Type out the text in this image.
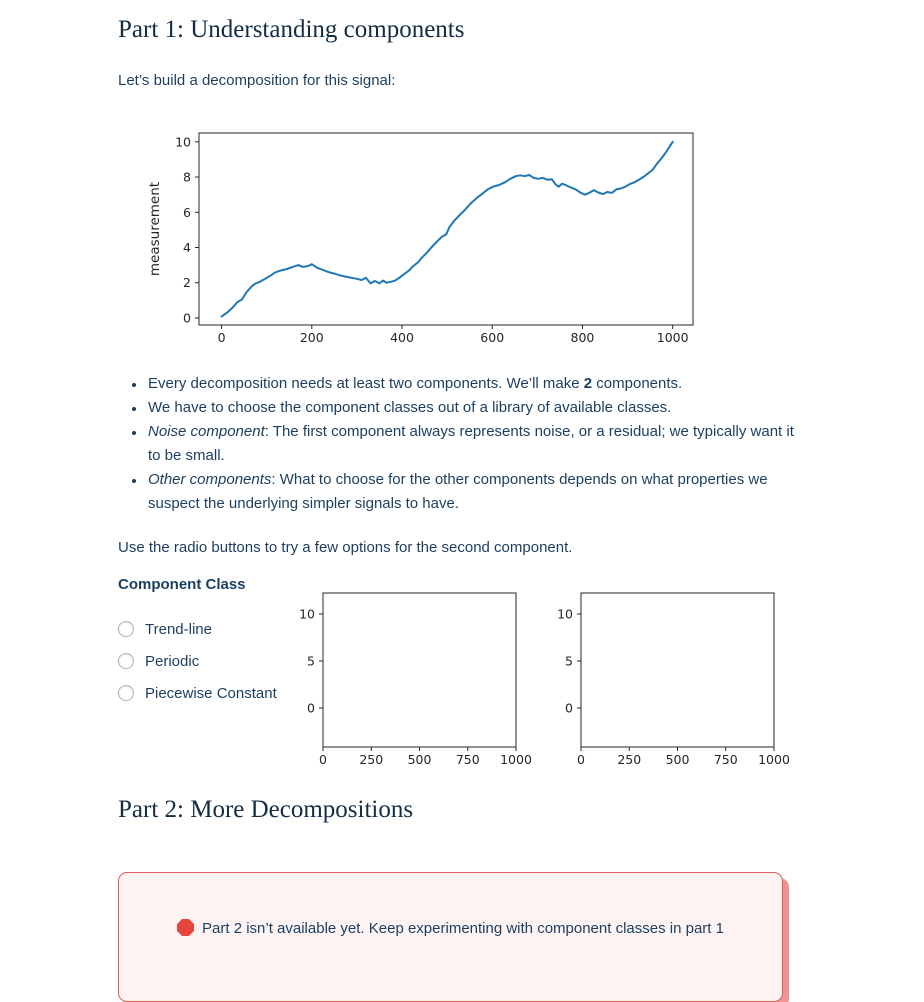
Part 1: Understanding components

Let’s build a decomposition for this signal:

0	200	400	600	800	1000
0
2
4
6
8
10
measurement
• Every decomposition needs at least two components. We’ll make 2 components.
• We have to choose the component classes out of a library of available classes.
• Noise component: The first component always represents noise, or a residual; we typically want it to be small.
• Other components: What to choose for the other components depends on what properties we suspect the underlying simpler signals to have.

Use the radio buttons to try a few options for the second component.

Component Class
Trend-line
Periodic
Piecewise Constant
0	250 500 750 1000
0
5
10
0	250 500 750 1000
0
5
10
Part 2: More Decompositions
Part 2 isn’t available yet. Keep experimenting with component classes in part 1
